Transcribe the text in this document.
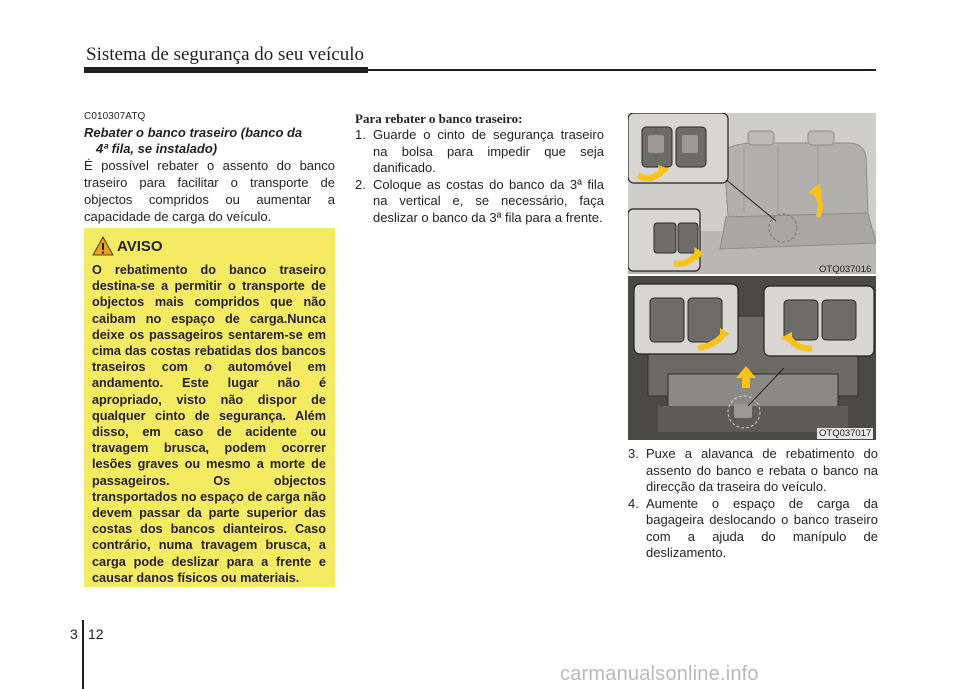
Sistema de segurança do seu veículo
C010307ATQ
Rebater o banco traseiro (banco da
4ª fila, se instalado)
É possível rebater o assento do banco traseiro para facilitar o transporte de objectos compridos ou aumentar a capacidade de carga do veículo.
AVISO
O rebatimento do banco traseiro destina-se a permitir o transporte de objectos mais compridos que não caibam no espaço de carga.Nunca deixe os passageiros sentarem-se em cima das costas rebatidas dos bancos traseiros com o automóvel em andamento. Este lugar não é apropriado, visto não dispor de qualquer cinto de segurança. Além disso, em caso de acidente ou travagem brusca, podem ocorrer lesões graves ou mesmo a morte de passageiros. Os objectos transportados no espaço de carga não devem passar da parte superior das costas dos bancos dianteiros. Caso contrário, numa travagem brusca, a carga pode deslizar para a frente e causar danos físicos ou materiais.
Para rebater o banco traseiro:
1. Guarde o cinto de segurança traseiro na bolsa para impedir que seja danificado.
2. Coloque as costas do banco da 3ª fila na vertical e, se necessário, faça deslizar o banco da 3ª fila para a frente.
OTQ037016
OTQ037017
3. Puxe a alavanca de rebatimento do assento do banco e rebata o banco na direcção da traseira do veículo.
4. Aumente o espaço de carga da bagageira deslocando o banco traseiro com a ajuda do manípulo de deslizamento.
3 12
carmanualsonline.info
